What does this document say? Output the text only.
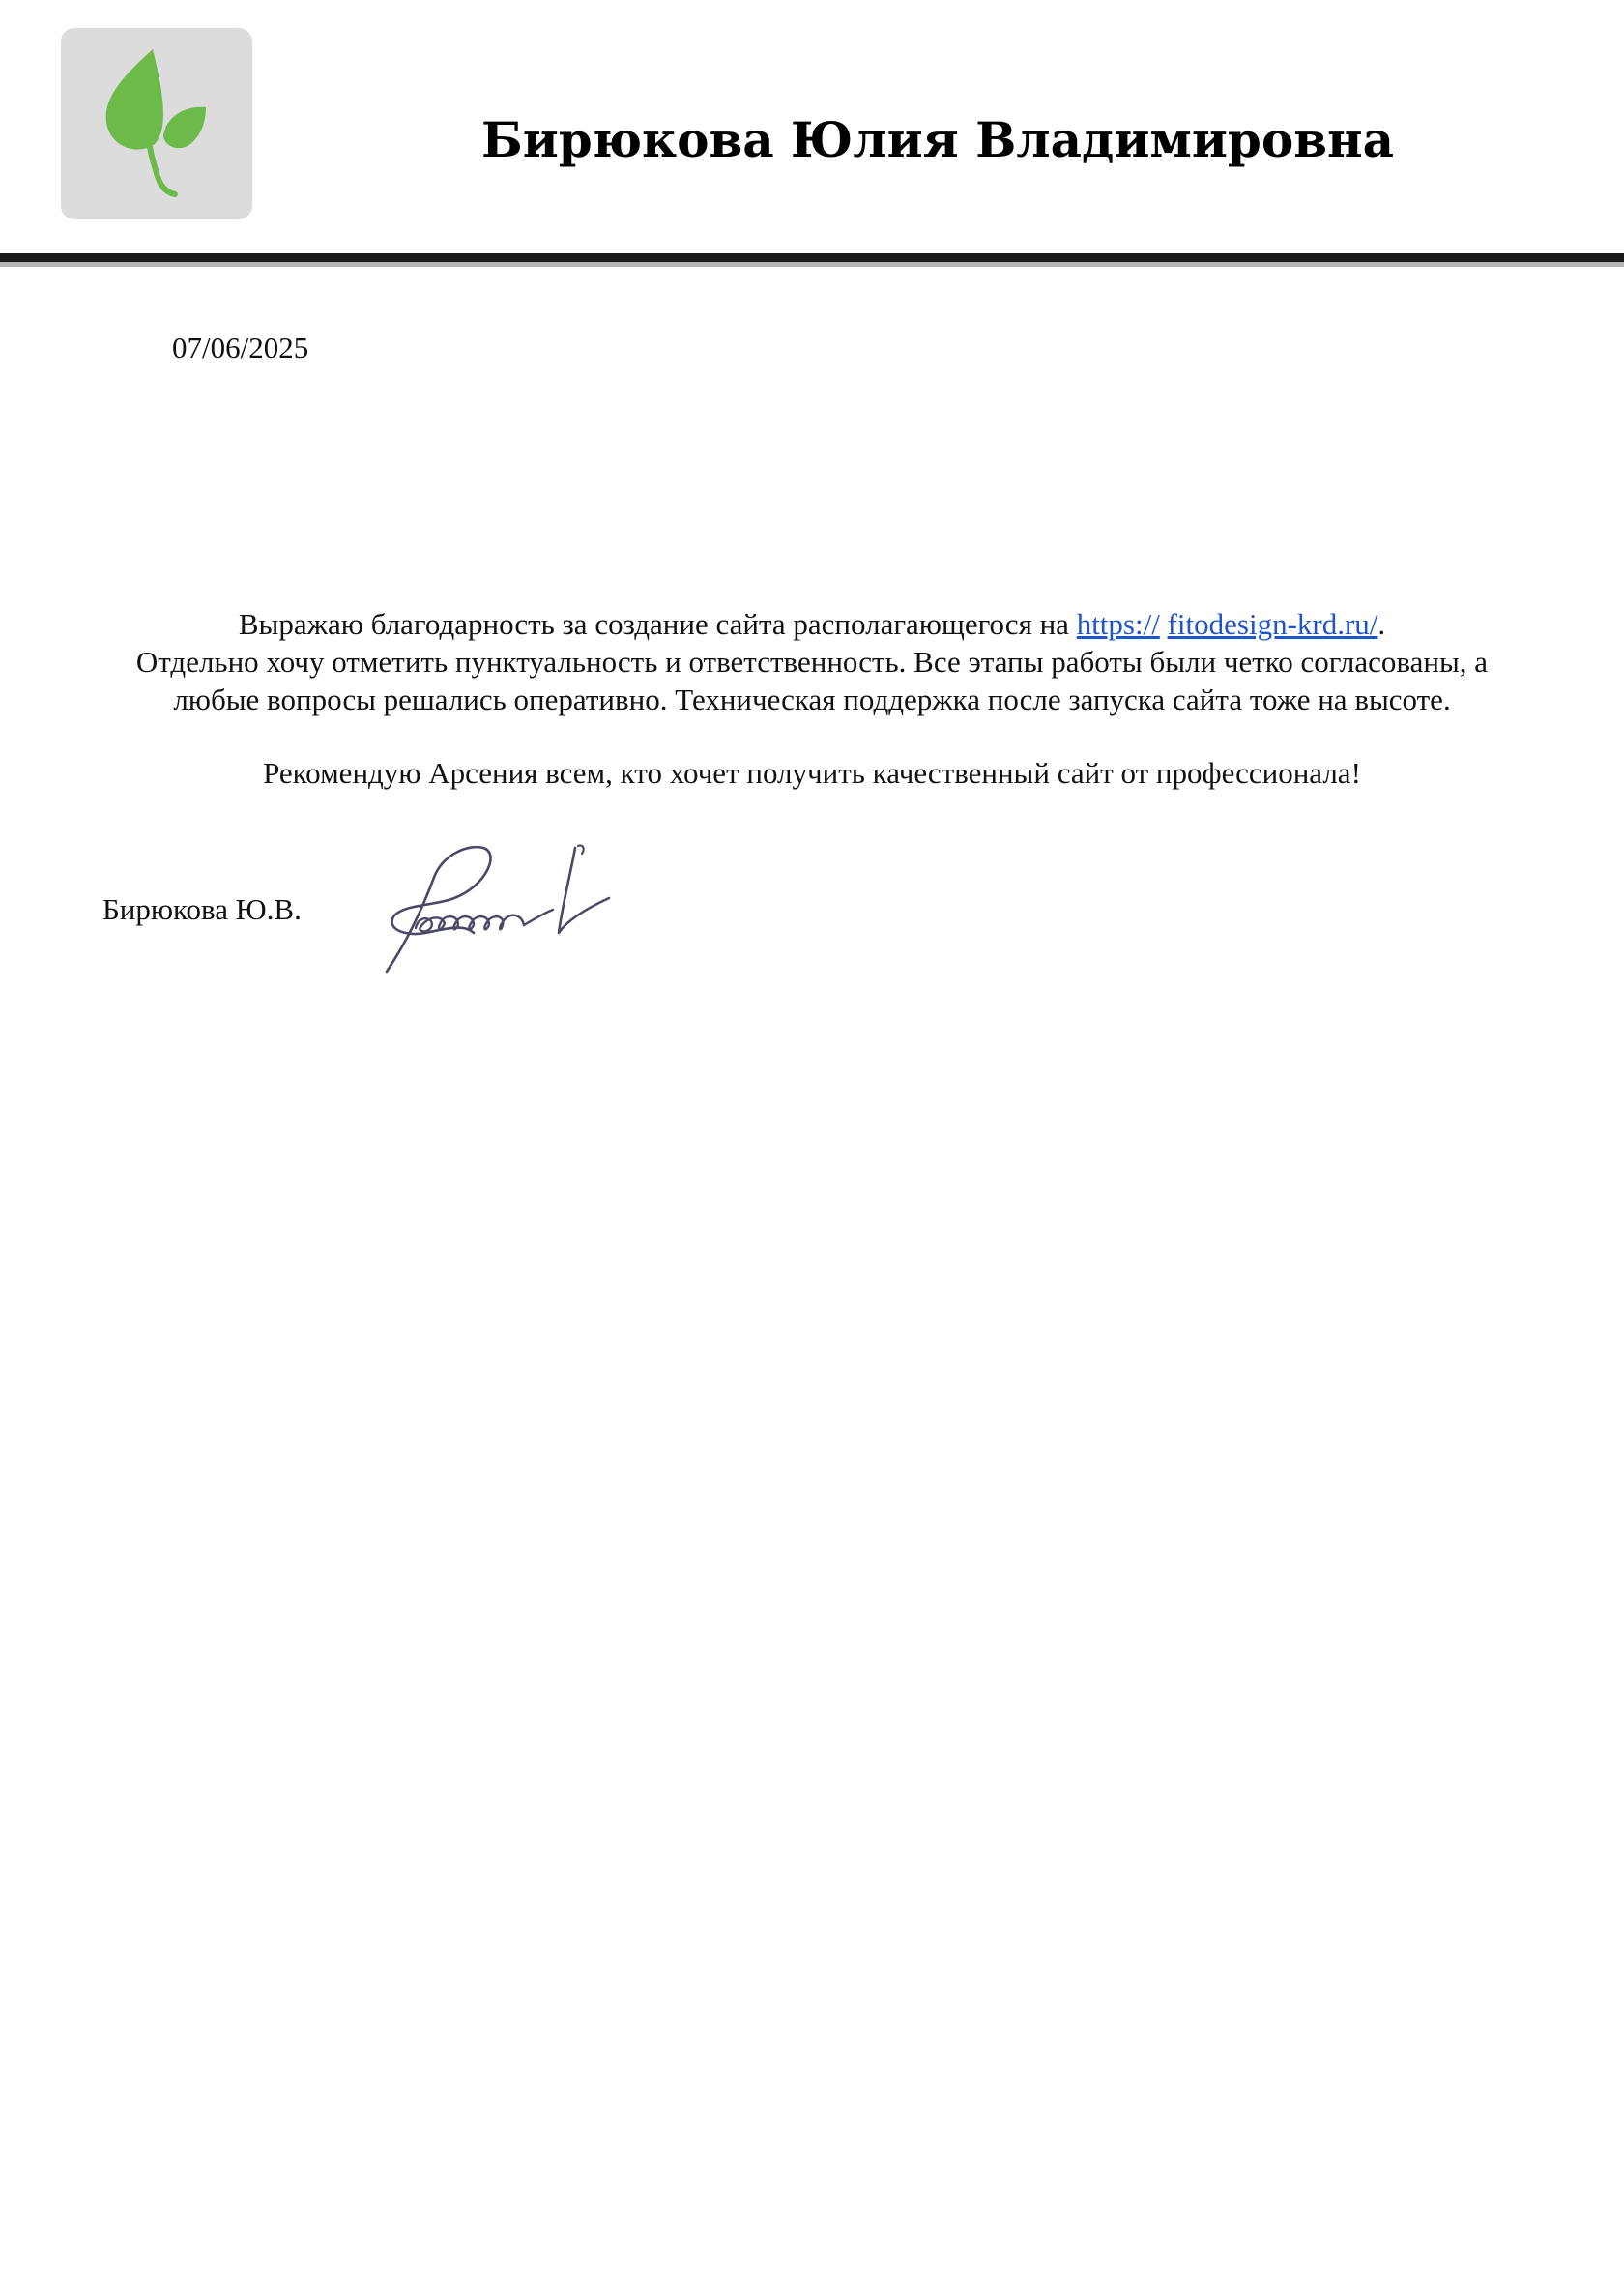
Бирюкова Юлия Владимировна
07/06/2025
Выражаю благодарность за создание сайта располагающегося на https:// fitodesign-krd.ru/.
Отдельно хочу отметить пунктуальность и ответственность. Все этапы работы были четко согласованы, а
любые вопросы решались оперативно. Техническая поддержка после запуска сайта тоже на высоте.
Рекомендую Арсения всем, кто хочет получить качественный сайт от профессионала!
Бирюкова Ю.В.
